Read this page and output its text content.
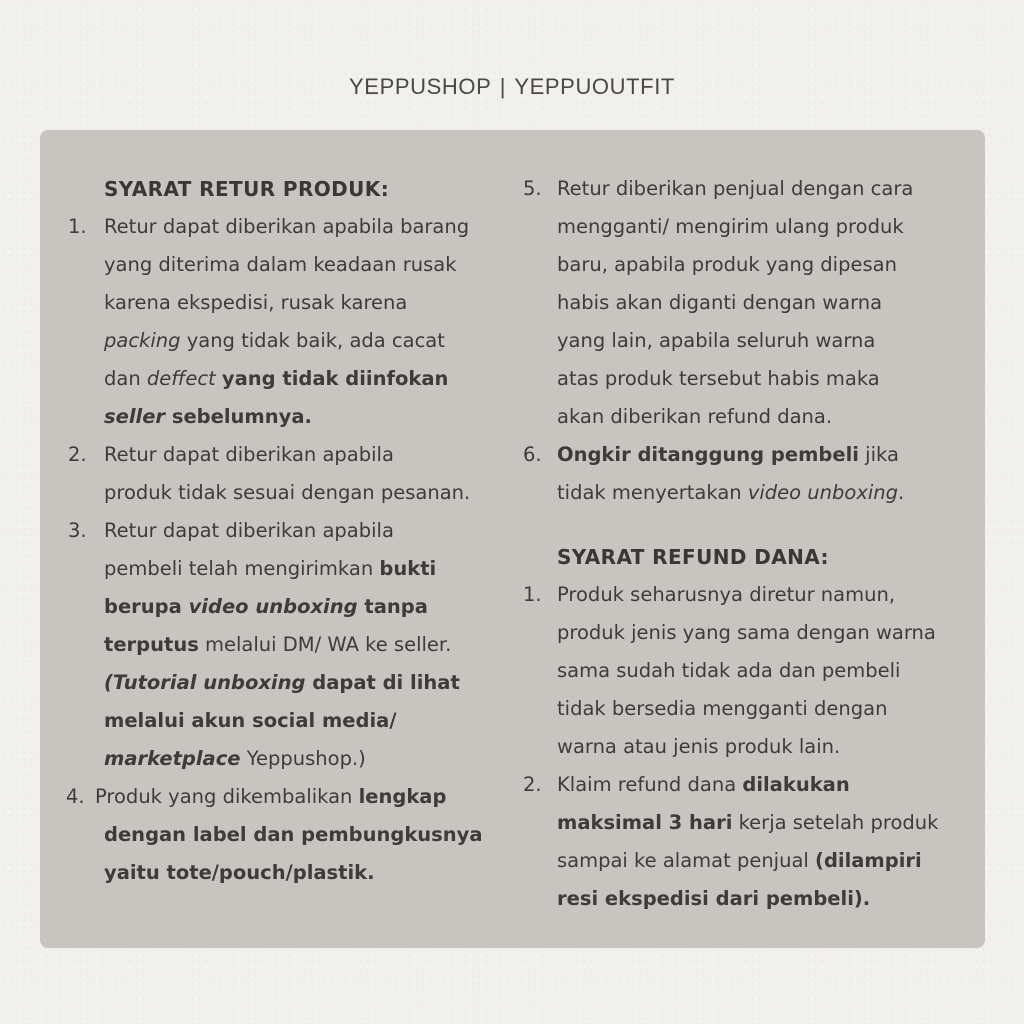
YEPPUSHOP | YEPPUOUTFIT
SYARAT RETUR PRODUK:
1. Retur dapat diberikan apabila barang
yang diterima dalam keadaan rusak
karena ekspedisi, rusak karena
packing yang tidak baik, ada cacat
dan deffect yang tidak diinfokan
seller sebelumnya.
2. Retur dapat diberikan apabila
produk tidak sesuai dengan pesanan.
3. Retur dapat diberikan apabila
pembeli telah mengirimkan bukti
berupa video unboxing tanpa
terputus melalui DM/ WA ke seller.
(Tutorial unboxing dapat di lihat
melalui akun social media/
marketplace Yeppushop.)
4. Produk yang dikembalikan lengkap
dengan label dan pembungkusnya
yaitu tote/pouch/plastik.
5. Retur diberikan penjual dengan cara
mengganti/ mengirim ulang produk
baru, apabila produk yang dipesan
habis akan diganti dengan warna
yang lain, apabila seluruh warna
atas produk tersebut habis maka
akan diberikan refund dana.
6. Ongkir ditanggung pembeli jika
tidak menyertakan video unboxing.
SYARAT REFUND DANA:
1. Produk seharusnya diretur namun,
produk jenis yang sama dengan warna
sama sudah tidak ada dan pembeli
tidak bersedia mengganti dengan
warna atau jenis produk lain.
2. Klaim refund dana dilakukan
maksimal 3 hari kerja setelah produk
sampai ke alamat penjual (dilampiri
resi ekspedisi dari pembeli).
